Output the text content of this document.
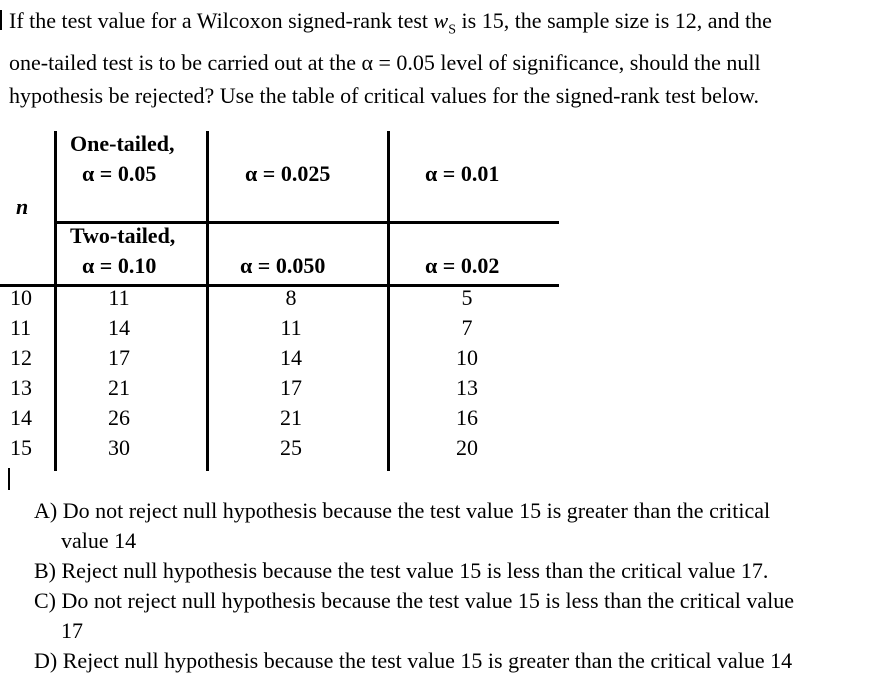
If the test value for a Wilcoxon signed-rank test $w_S$ is 15, the sample size is 12, and the
one-tailed test is to be carried out at the α = 0.05 level of significance, should the null
hypothesis be rejected? Use the table of critical values for the signed-rank test below.
n
One-tailed,
α = 0.05	α = 0.025	α = 0.01
Two-tailed,
α = 0.10	α = 0.050	α = 0.02
10	11	8	5
11	14	11	7
12	17	14	10
13	21	17	13
14	26	21	16
15	30	25	20
A) Do not reject null hypothesis because the test value 15 is greater than the critical
value 14
B) Reject null hypothesis because the test value 15 is less than the critical value 17.
C) Do not reject null hypothesis because the test value 15 is less than the critical value
17
D) Reject null hypothesis because the test value 15 is greater than the critical value 14
